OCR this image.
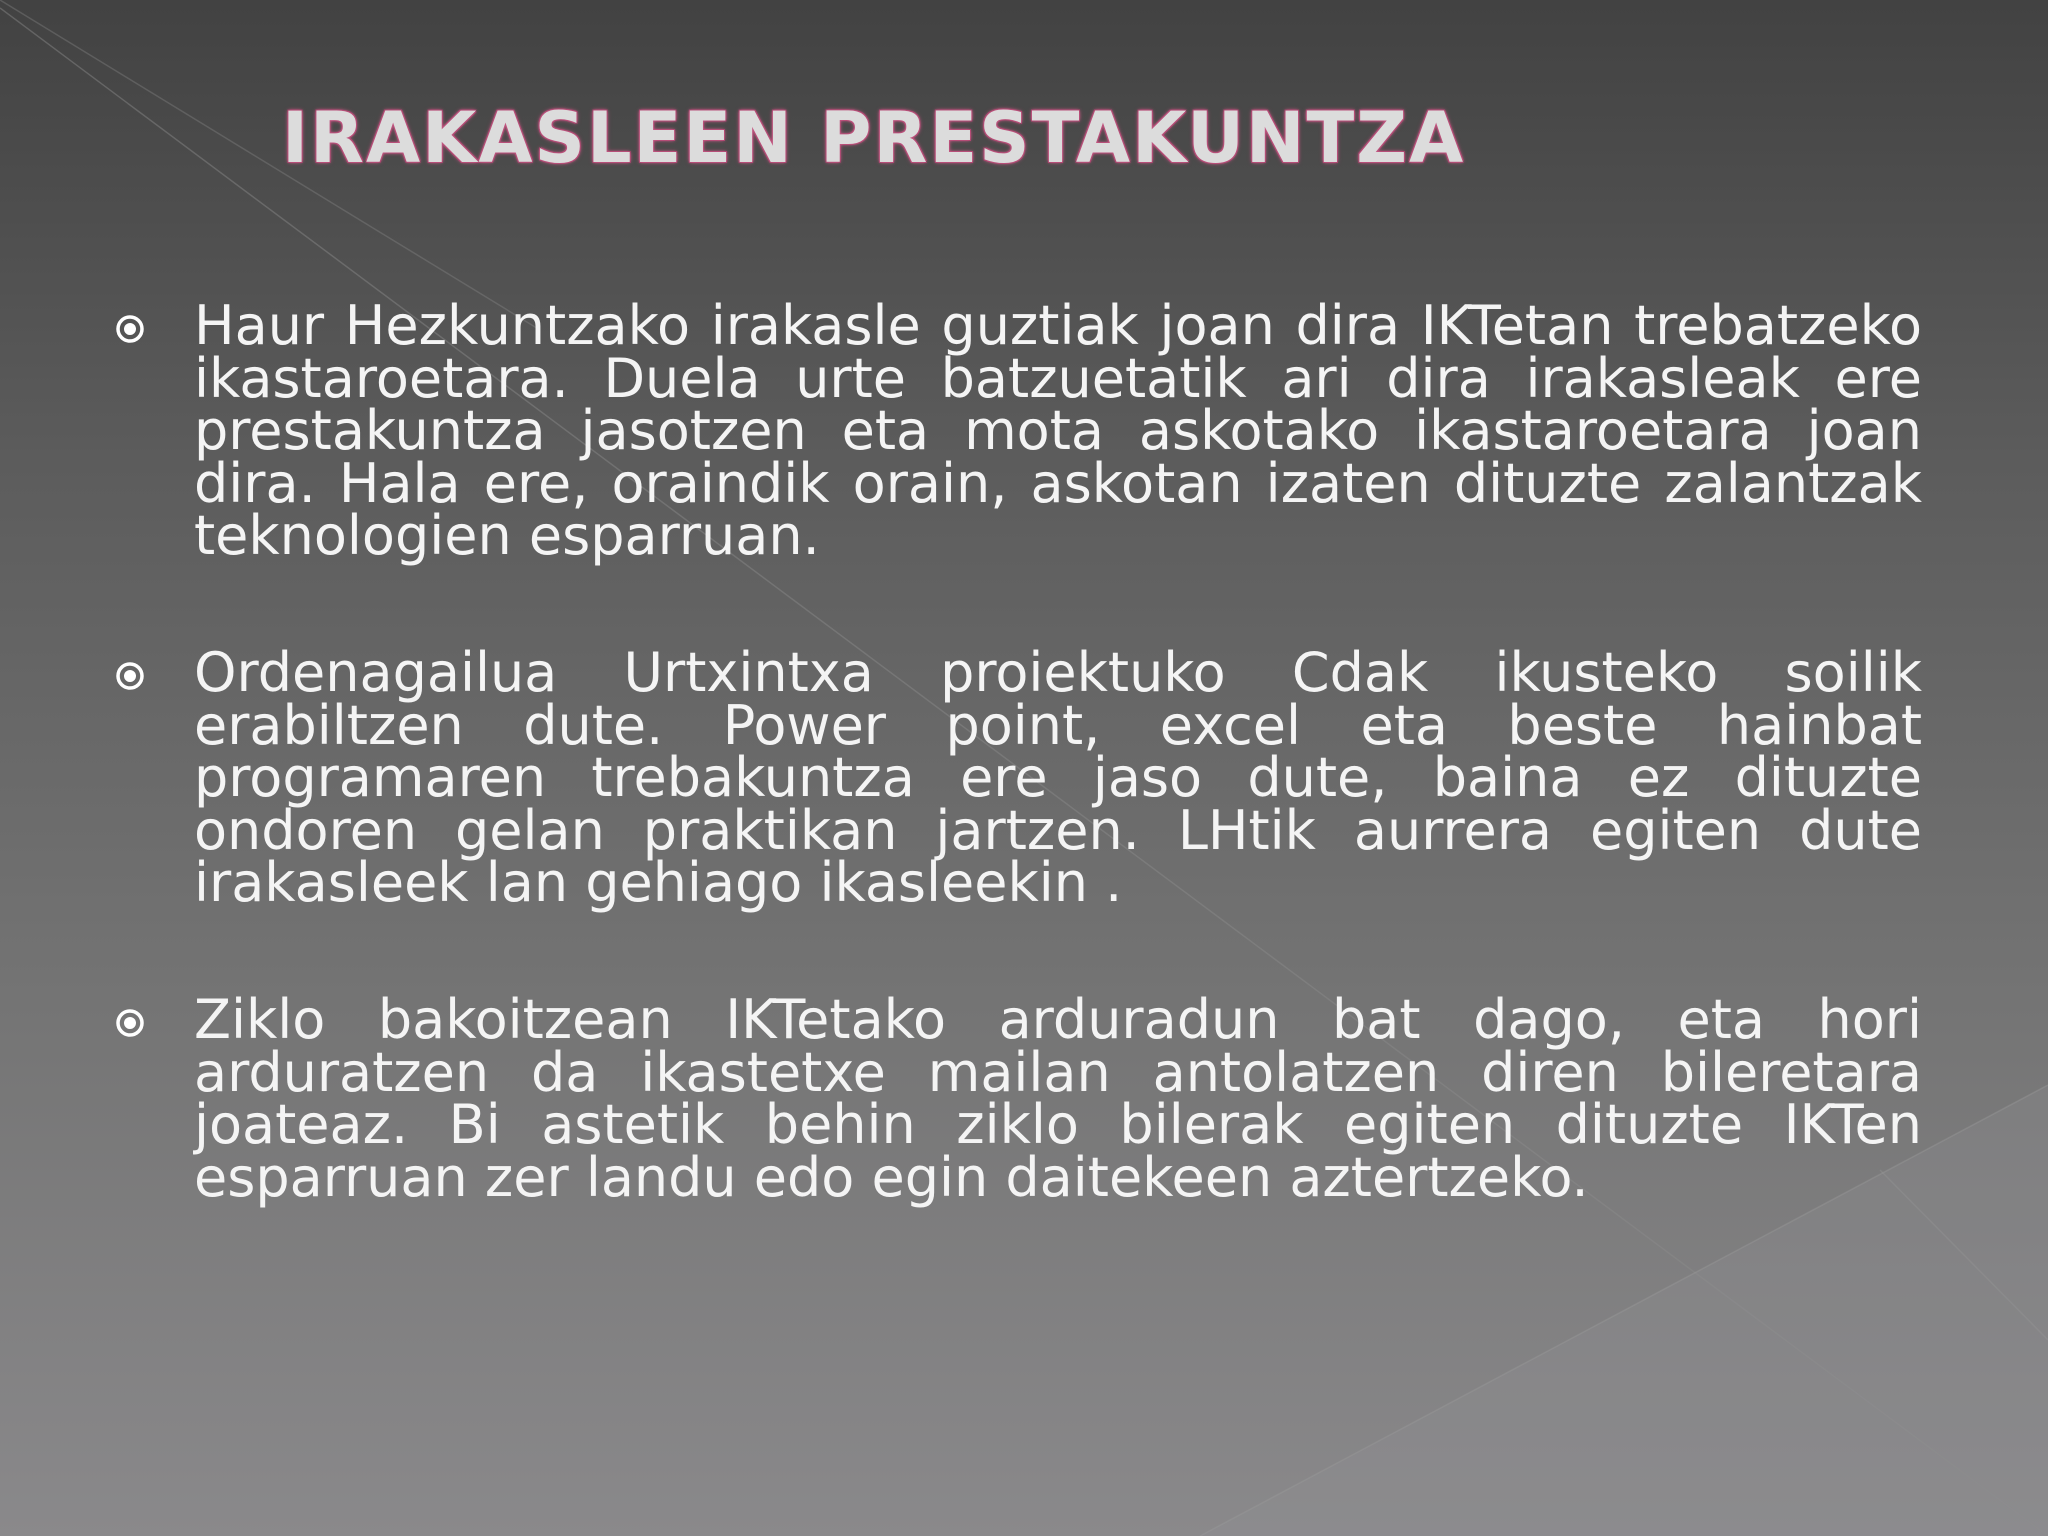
IRAKASLEEN PRESTAKUNTZA

Haur Hezkuntzako irakasle guztiak joan dira IKTetan trebatzeko ikastaroetara. Duela urte batzuetatik ari dira irakasleak ere prestakuntza jasotzen eta mota askotako ikastaroetara joan dira. Hala ere, oraindik orain, askotan izaten dituzte zalantzak teknologien esparruan.

Ordenagailua Urtxintxa proiektuko Cdak ikusteko soilik erabiltzen dute. Power point, excel eta beste hainbat programaren trebakuntza ere jaso dute, baina ez dituzte ondoren gelan praktikan jartzen. LHtik aurrera egiten dute irakasleek lan gehiago ikasleekin .

Ziklo bakoitzean IKTetako arduradun bat dago, eta hori arduratzen da ikastetxe mailan antolatzen diren bileretara joateaz. Bi astetik behin ziklo bilerak egiten dituzte IKTen esparruan zer landu edo egin daitekeen aztertzeko.
